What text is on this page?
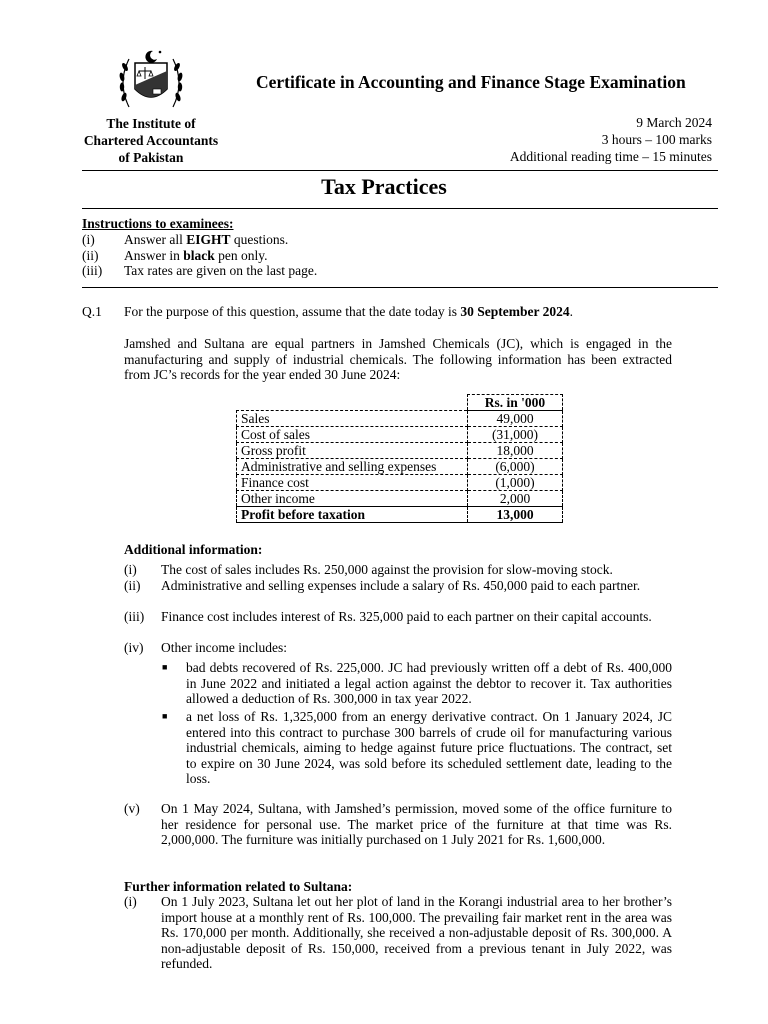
The Institute of
Chartered Accountants
of Pakistan
Certificate in Accounting and Finance Stage Examination
9 March 2024
3 hours – 100 marks
Additional reading time – 15 minutes
Tax Practices
Instructions to examinees:
(i)	Answer all EIGHT questions.
(ii)	Answer in black pen only.
(iii)	Tax rates are given on the last page.
Q.1 For the purpose of this question, assume that the date today is 30 September 2024.
Jamshed and Sultana are equal partners in Jamshed Chemicals (JC), which is engaged in the manufacturing and supply of industrial chemicals. The following information has been extracted from JC’s records for the year ended 30 June 2024:
	Rs. in '000
Sales	49,000
Cost of sales	(31,000)
Gross profit	18,000
Administrative and selling expenses	(6,000)
Finance cost	(1,000)
Other income	2,000
Profit before taxation	13,000
Additional information:
(i)	The cost of sales includes Rs. 250,000 against the provision for slow-moving stock.
(ii)	Administrative and selling expenses include a salary of Rs. 450,000 paid to each partner.
(iii)	Finance cost includes interest of Rs. 325,000 paid to each partner on their capital accounts.
(iv)	Other income includes:
■	bad debts recovered of Rs. 225,000. JC had previously written off a debt of Rs. 400,000 in June 2022 and initiated a legal action against the debtor to recover it. Tax authorities allowed a deduction of Rs. 300,000 in tax year 2022.
■	a net loss of Rs. 1,325,000 from an energy derivative contract. On 1 January 2024, JC entered into this contract to purchase 300 barrels of crude oil for manufacturing various industrial chemicals, aiming to hedge against future price fluctuations. The contract, set to expire on 30 June 2024, was sold before its scheduled settlement date, leading to the loss.
(v)	On 1 May 2024, Sultana, with Jamshed’s permission, moved some of the office furniture to her residence for personal use. The market price of the furniture at that time was Rs. 2,000,000. The furniture was initially purchased on 1 July 2021 for Rs. 1,600,000.
Further information related to Sultana:
(i)	On 1 July 2023, Sultana let out her plot of land in the Korangi industrial area to her brother’s import house at a monthly rent of Rs. 100,000. The prevailing fair market rent in the area was Rs. 170,000 per month. Additionally, she received a non-adjustable deposit of Rs. 300,000. A non-adjustable deposit of Rs. 150,000, received from a previous tenant in July 2022, was refunded.
